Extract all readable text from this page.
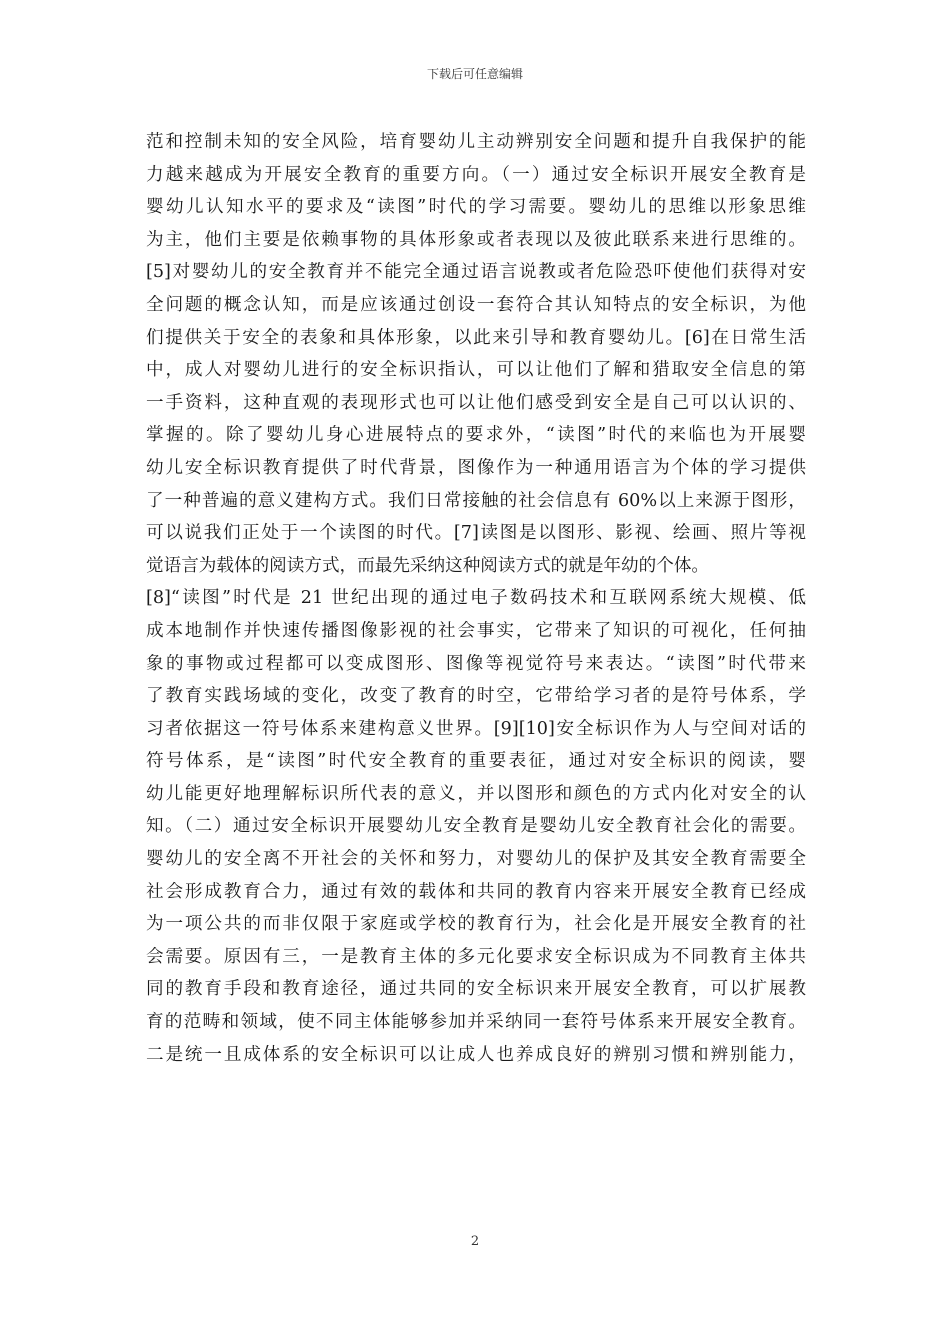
下载后可任意编辑
范和控制未知的安全风险，培育婴幼儿主动辨别安全问题和提升自我保护的能
力越来越成为开展安全教育的重要方向。（一）通过安全标识开展安全教育是
婴幼儿认知水平的要求及“读图”时代的学习需要。婴幼儿的思维以形象思维
为主，他们主要是依赖事物的具体形象或者表现以及彼此联系来进行思维的。
[5]对婴幼儿的安全教育并不能完全通过语言说教或者危险恐吓使他们获得对安
全问题的概念认知，而是应该通过创设一套符合其认知特点的安全标识，为他
们提供关于安全的表象和具体形象，以此来引导和教育婴幼儿。[6]在日常生活
中，成人对婴幼儿进行的安全标识指认，可以让他们了解和猎取安全信息的第
一手资料，这种直观的表现形式也可以让他们感受到安全是自己可以认识的、
掌握的。除了婴幼儿身心进展特点的要求外，“读图”时代的来临也为开展婴
幼儿安全标识教育提供了时代背景，图像作为一种通用语言为个体的学习提供
了一种普遍的意义建构方式。我们日常接触的社会信息有 60%以上来源于图形，
可以说我们正处于一个读图的时代。[7]读图是以图形、影视、绘画、照片等视
觉语言为载体的阅读方式，而最先采纳这种阅读方式的就是年幼的个体。
[8]“读图”时代是 21 世纪出现的通过电子数码技术和互联网系统大规模、低
成本地制作并快速传播图像影视的社会事实，它带来了知识的可视化，任何抽
象的事物或过程都可以变成图形、图像等视觉符号来表达。“读图”时代带来
了教育实践场域的变化，改变了教育的时空，它带给学习者的是符号体系，学
习者依据这一符号体系来建构意义世界。[9][10]安全标识作为人与空间对话的
符号体系，是“读图”时代安全教育的重要表征，通过对安全标识的阅读，婴
幼儿能更好地理解标识所代表的意义，并以图形和颜色的方式内化对安全的认
知。（二）通过安全标识开展婴幼儿安全教育是婴幼儿安全教育社会化的需要。
婴幼儿的安全离不开社会的关怀和努力，对婴幼儿的保护及其安全教育需要全
社会形成教育合力，通过有效的载体和共同的教育内容来开展安全教育已经成
为一项公共的而非仅限于家庭或学校的教育行为，社会化是开展安全教育的社
会需要。原因有三，一是教育主体的多元化要求安全标识成为不同教育主体共
同的教育手段和教育途径，通过共同的安全标识来开展安全教育，可以扩展教
育的范畴和领域，使不同主体能够参加并采纳同一套符号体系来开展安全教育。
二是统一且成体系的安全标识可以让成人也养成良好的辨别习惯和辨别能力，
2
